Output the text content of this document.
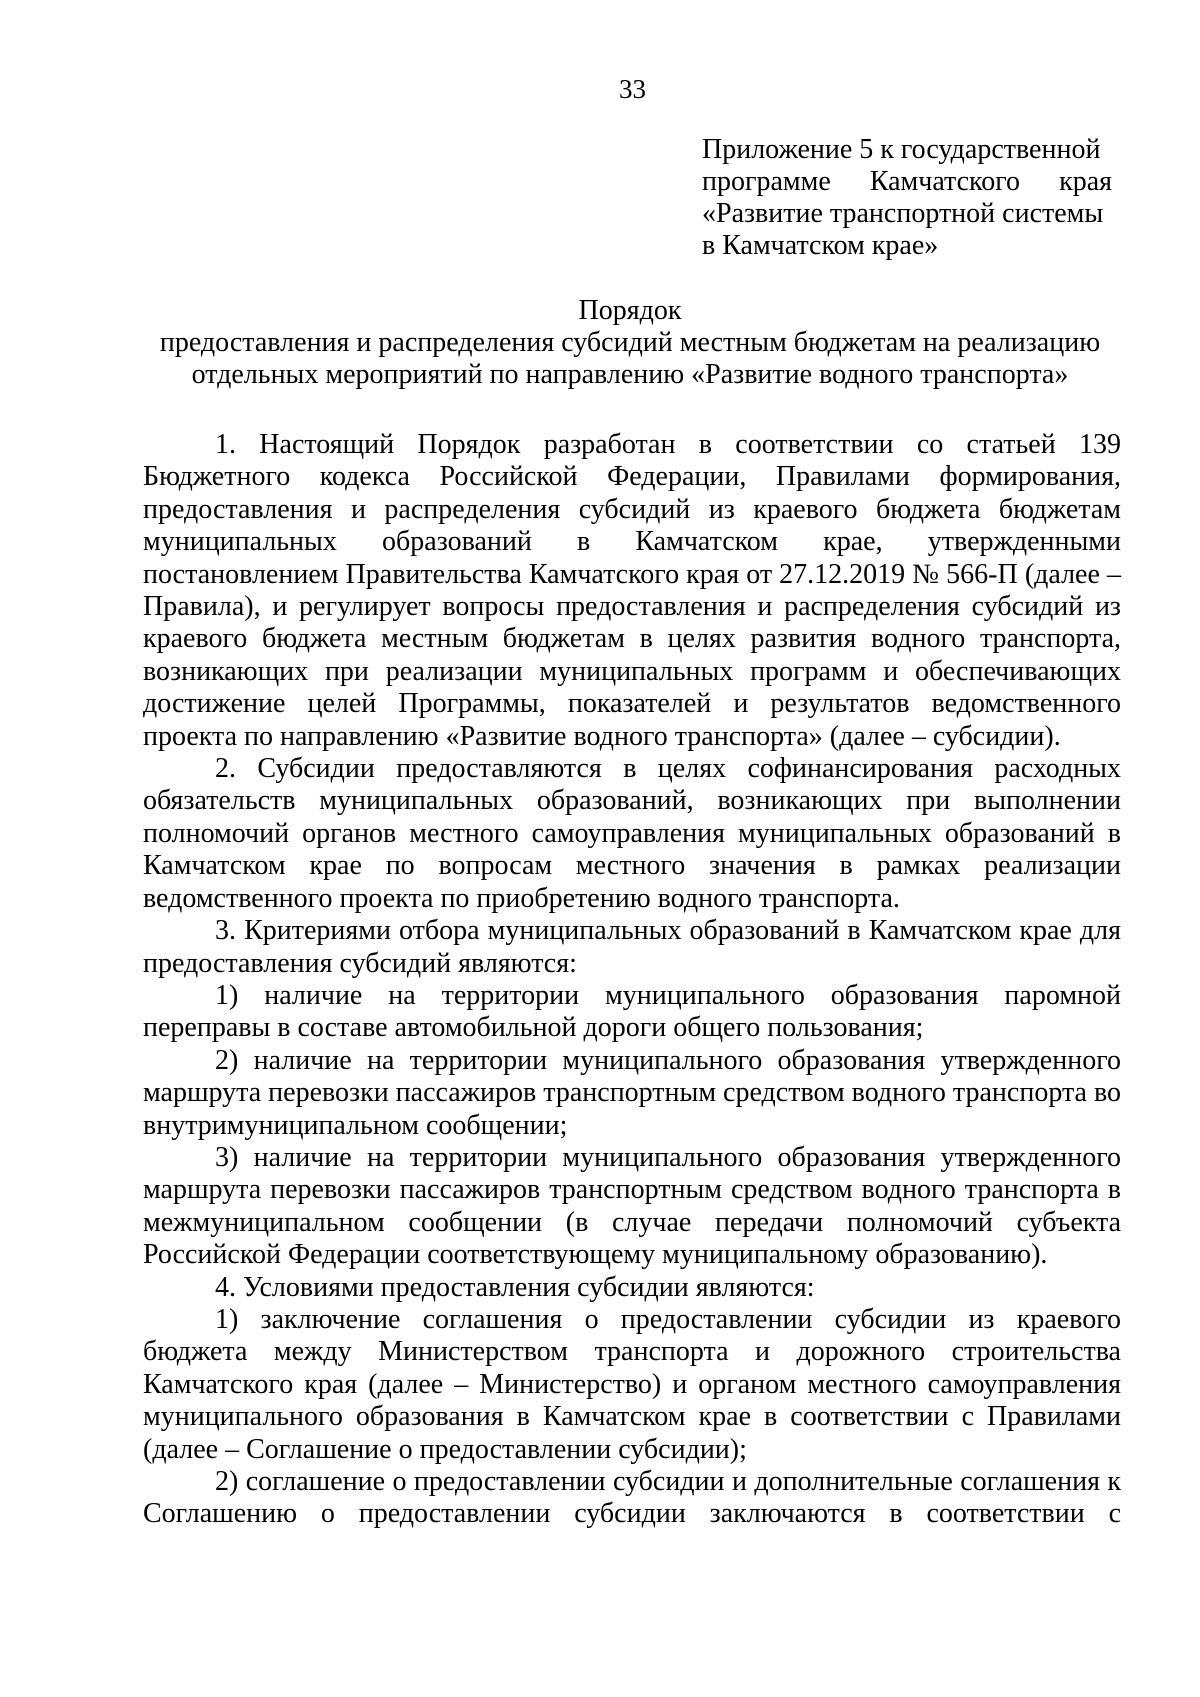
33
Приложение 5 к государственной
программе Камчатского края
«Развитие транспортной системы
в Камчатском крае»
Порядок
предоставления и распределения субсидий местным бюджетам на реализацию
отдельных мероприятий по направлению «Развитие водного транспорта»

1. Настоящий Порядок разработан в соответствии со статьей 139 Бюджетного кодекса Российской Федерации, Правилами формирования, предоставления и распределения субсидий из краевого бюджета бюджетам муниципальных образований в Камчатском крае, утвержденными постановлением Правительства Камчатского края от 27.12.2019 № 566-П (далее – Правила), и регулирует вопросы предоставления и распределения субсидий из краевого бюджета местным бюджетам в целях развития водного транспорта, возникающих при реализации муниципальных программ и обеспечивающих достижение целей Программы, показателей и результатов ведомственного проекта по направлению «Развитие водного транспорта» (далее – субсидии).

2. Субсидии предоставляются в целях софинансирования расходных обязательств муниципальных образований, возникающих при выполнении полномочий органов местного самоуправления муниципальных образований в Камчатском крае по вопросам местного значения в рамках реализации ведомственного проекта по приобретению водного транспорта.

3. Критериями отбора муниципальных образований в Камчатском крае для предоставления субсидий являются:

1) наличие на территории муниципального образования паромной переправы в составе автомобильной дороги общего пользования;

2) наличие на территории муниципального образования утвержденного маршрута перевозки пассажиров транспортным средством водного транспорта во внутримуниципальном сообщении;

3) наличие на территории муниципального образования утвержденного маршрута перевозки пассажиров транспортным средством водного транспорта в межмуниципальном сообщении (в случае передачи полномочий субъекта Российской Федерации соответствующему муниципальному образованию).

4. Условиями предоставления субсидии являются:

1) заключение соглашения о предоставлении субсидии из краевого бюджета между Министерством транспорта и дорожного строительства Камчатского края (далее – Министерство) и органом местного самоуправления муниципального образования в Камчатском крае в соответствии с Правилами (далее – Соглашение о предоставлении субсидии);

2) соглашение о предоставлении субсидии и дополнительные соглашения к Соглашению о предоставлении субсидии заключаются в соответствии с
